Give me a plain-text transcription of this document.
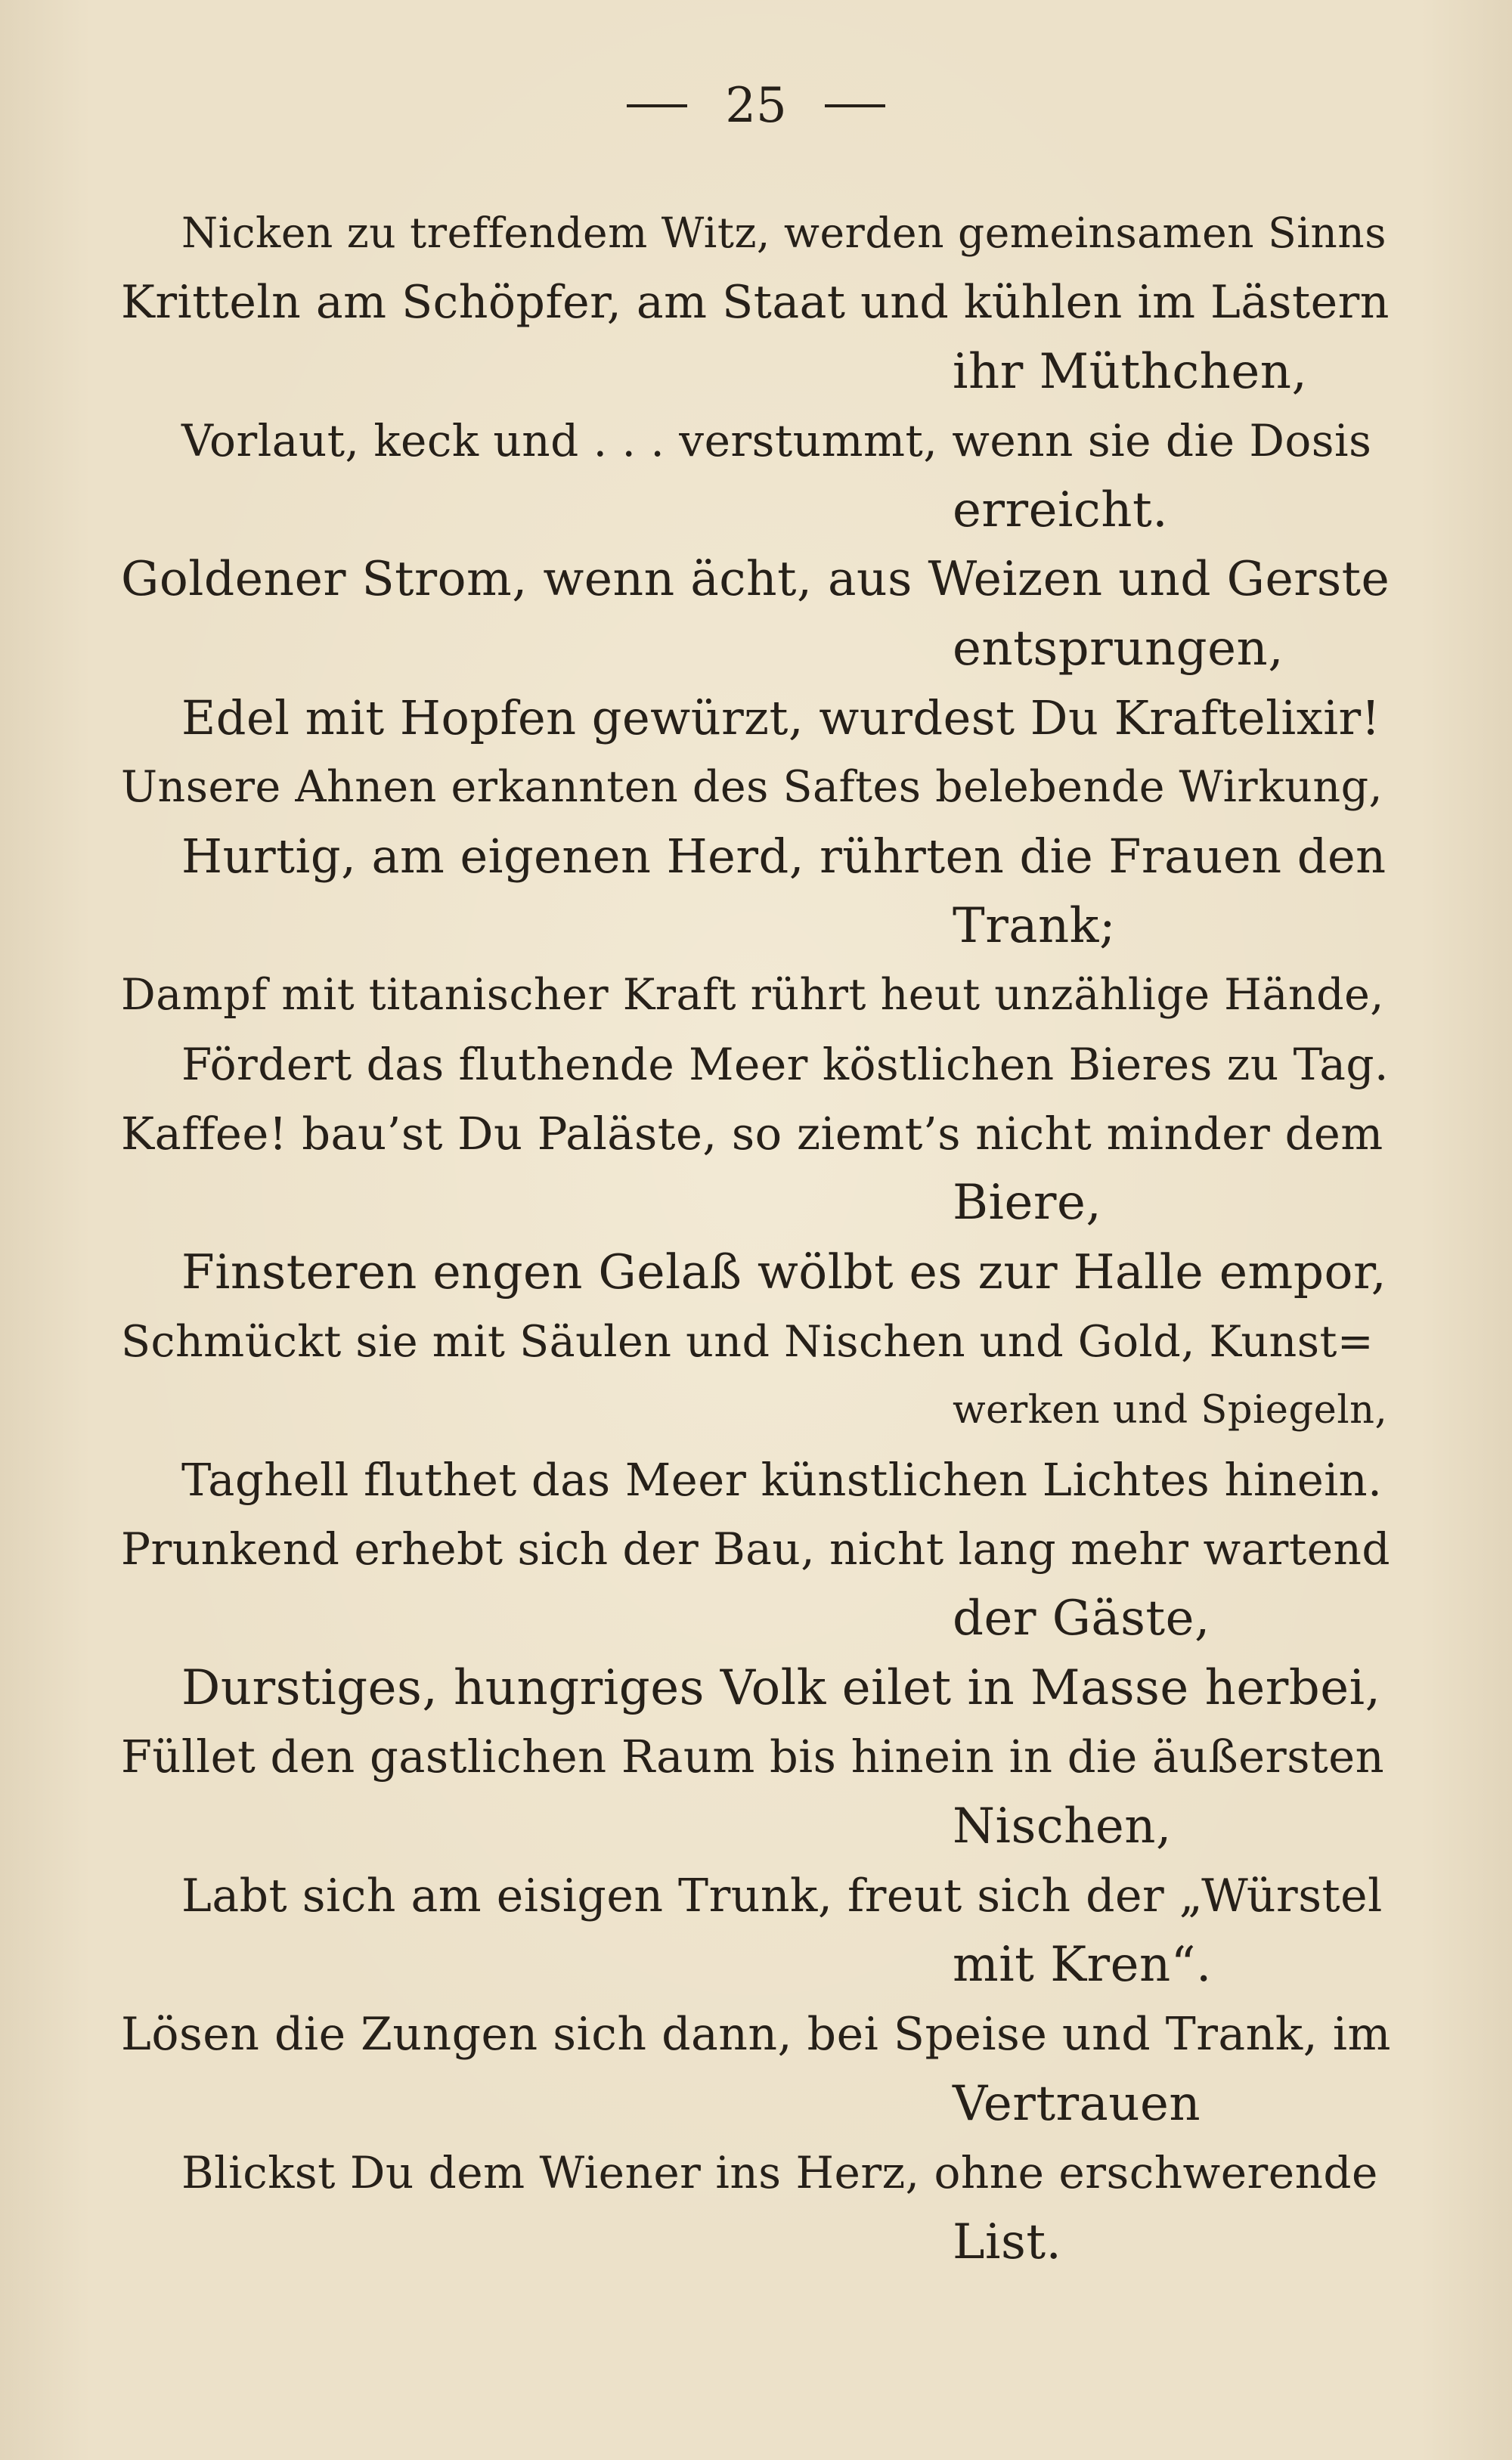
25
Nicken zu treffendem Witz, werden gemeinsamen Sinns
Kritteln am Schöpfer, am Staat und kühlen im Lästern
ihr Müthchen,
Vorlaut, keck und . . . verstummt, wenn sie die Dosis
erreicht.
Goldener Strom, wenn ächt, aus Weizen und Gerste
entsprungen,
Edel mit Hopfen gewürzt, wurdest Du Kraftelixir!
Unsere Ahnen erkannten des Saftes belebende Wirkung,
Hurtig, am eigenen Herd, rührten die Frauen den
Trank;
Dampf mit titanischer Kraft rührt heut unzählige Hände,
Fördert das fluthende Meer köstlichen Bieres zu Tag.
Kaffee! bau’st Du Paläste, so ziemt’s nicht minder dem
Biere,
Finsteren engen Gelaß wölbt es zur Halle empor,
Schmückt sie mit Säulen und Nischen und Gold, Kunst=
werken und Spiegeln,
Taghell fluthet das Meer künstlichen Lichtes hinein.
Prunkend erhebt sich der Bau, nicht lang mehr wartend
der Gäste,
Durstiges, hungriges Volk eilet in Masse herbei,
Füllet den gastlichen Raum bis hinein in die äußersten
Nischen,
Labt sich am eisigen Trunk, freut sich der „Würstel
mit Kren“.
Lösen die Zungen sich dann, bei Speise und Trank, im
Vertrauen
Blickst Du dem Wiener ins Herz, ohne erschwerende
List.
